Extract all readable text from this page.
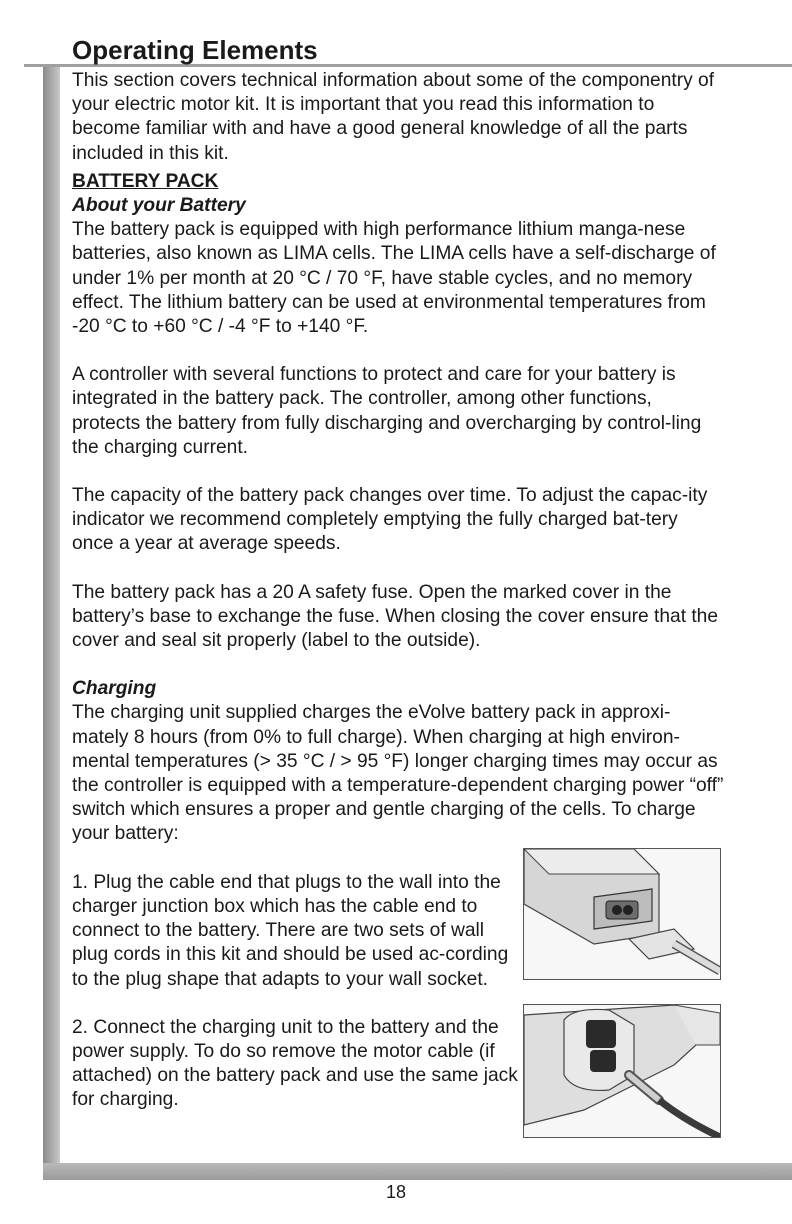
Operating Elements

This section covers technical information about some of the componentry of your electric motor kit. It is important that you read this information to become familiar with and have a good general knowledge of all the parts included in this kit.

BATTERY PACK
About your Battery

The battery pack is equipped with high performance lithium manga-nese batteries, also known as LIMA cells. The LIMA cells have a self-discharge of under 1% per month at 20 °C / 70 °F, have stable cycles, and no memory effect. The lithium battery can be used at environmental temperatures from -20 °C to +60 °C / -4 °F to +140 °F.

A controller with several functions to protect and care for your battery is integrated in the battery pack. The controller, among other functions, protects the battery from fully discharging and overcharging by control-ling the charging current.

The capacity of the battery pack changes over time. To adjust the capac-ity indicator we recommend completely emptying the fully charged bat-tery once a year at average speeds.

The battery pack has a 20 A safety fuse. Open the marked cover in the battery’s base to exchange the fuse. When closing the cover ensure that the cover and seal sit properly (label to the outside).

Charging

The charging unit supplied charges the eVolve battery pack in approxi-mately 8 hours (from 0% to full charge). When charging at high environ-mental temperatures (> 35 °C / > 95 °F) longer charging times may occur as the controller is equipped with a temperature-dependent charging power “off” switch which ensures a proper and gentle charging of the cells. To charge your battery:

1. Plug the cable end that plugs to the wall into the charger junction box which has the cable end to connect to the battery. There are two sets of wall plug cords in this kit and should be used ac-cording to the plug shape that adapts to your wall socket.

2. Connect the charging unit to the battery and the power supply. To do so remove the motor cable (if attached) on the battery pack and use the same jack for charging.

18
